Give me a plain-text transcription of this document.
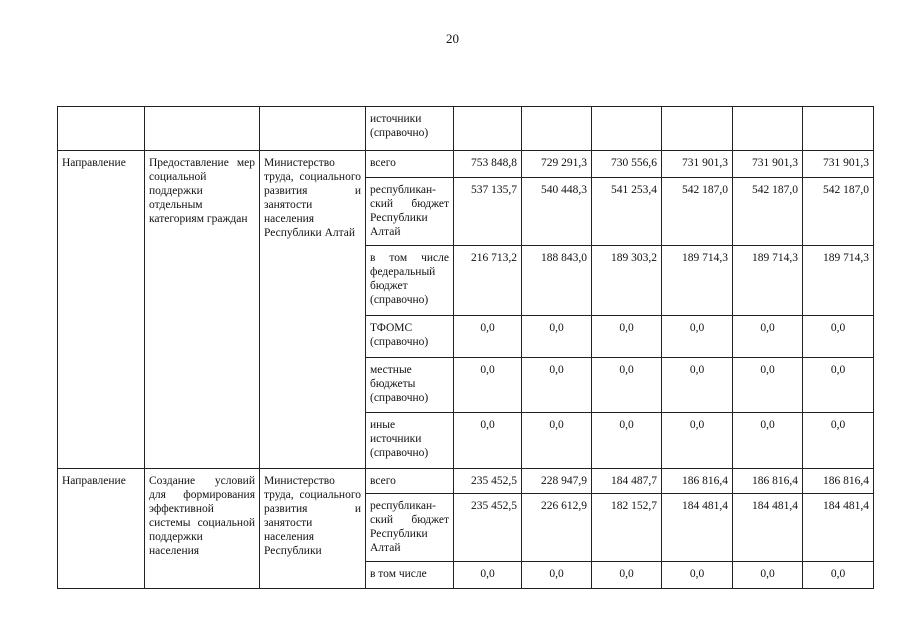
20
			источники (справочно)						
Направление	Предоставление мер социальной поддержки отдельным категориям граждан	Министерство труда, социального развития и занятости населения Республики Алтай	всего	753 848,8	729 291,3	730 556,6	731 901,3	731 901,3	731 901,3
			республикан-ский бюджет Республики Алтай	537 135,7	540 448,3	541 253,4	542 187,0	542 187,0	542 187,0
			в том числе федеральный бюджет (справочно)	216 713,2	188 843,0	189 303,2	189 714,3	189 714,3	189 714,3
			ТФОМС (справочно)	0,0	0,0	0,0	0,0	0,0	0,0
			местные бюджеты (справочно)	0,0	0,0	0,0	0,0	0,0	0,0
			иные источники (справочно)	0,0	0,0	0,0	0,0	0,0	0,0
Направление	Создание условий для формирования эффективной системы социальной поддержки населения	Министерство труда, социального развития и занятости населения Республики	всего	235 452,5	228 947,9	184 487,7	186 816,4	186 816,4	186 816,4
			республикан-ский бюджет Республики Алтай	235 452,5	226 612,9	182 152,7	184 481,4	184 481,4	184 481,4
			в том числе	0,0	0,0	0,0	0,0	0,0	0,0
